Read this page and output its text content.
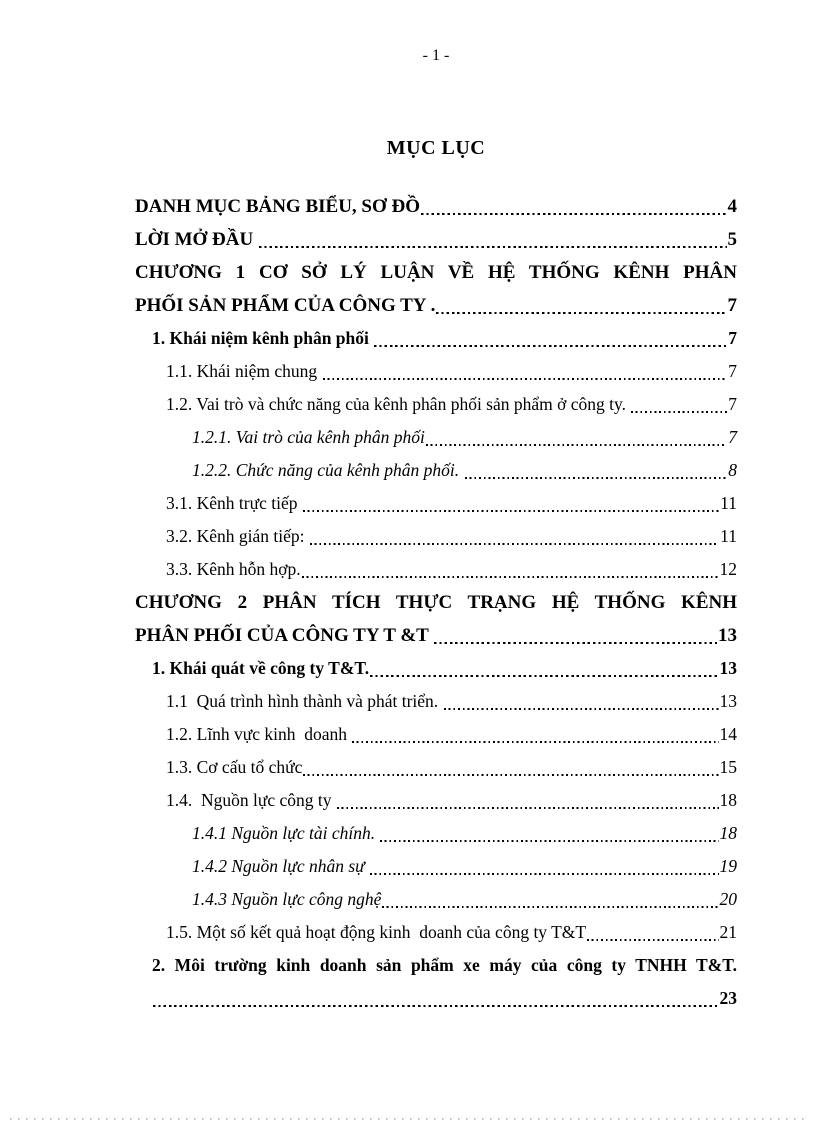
- 1 -
MỤC LỤC
DANH MỤC BẢNG BIỂU, SƠ ĐỒ	4
LỜI MỞ ĐẦU	5
CHƯƠNG 1 CƠ SỞ LÝ LUẬN VỀ HỆ THỐNG KÊNH PHÂN
PHỐI SẢN PHẨM CỦA CÔNG TY .	7
1. Khái niệm kênh phân phối	7
1.1. Khái niệm chung	7
1.2. Vai trò và chức năng của kênh phân phối sản phẩm ở công ty.	7
1.2.1. Vai trò của kênh phân phối	7
1.2.2. Chức năng của kênh phân phối.	8
3.1. Kênh trực tiếp	11
3.2. Kênh gián tiếp:	11
3.3. Kênh hỗn hợp.	12
CHƯƠNG 2 PHÂN TÍCH THỰC TRẠNG HỆ THỐNG KÊNH
PHÂN PHỐI CỦA CÔNG TY T &T	13
1. Khái quát về công ty T&T.	13
1.1  Quá trình hình thành và phát triển.	13
1.2. Lĩnh vực kinh  doanh	14
1.3. Cơ cấu tổ chức	15
1.4.  Nguồn lực công ty	18
1.4.1 Nguồn lực tài chính.	18
1.4.2 Nguồn lực nhân sự	19
1.4.3 Nguồn lực công nghệ	20
1.5. Một số kết quả hoạt động kinh  doanh của công ty T&T	21
2. Môi trường kinh doanh sản phẩm xe máy của công ty TNHH T&T.
23
